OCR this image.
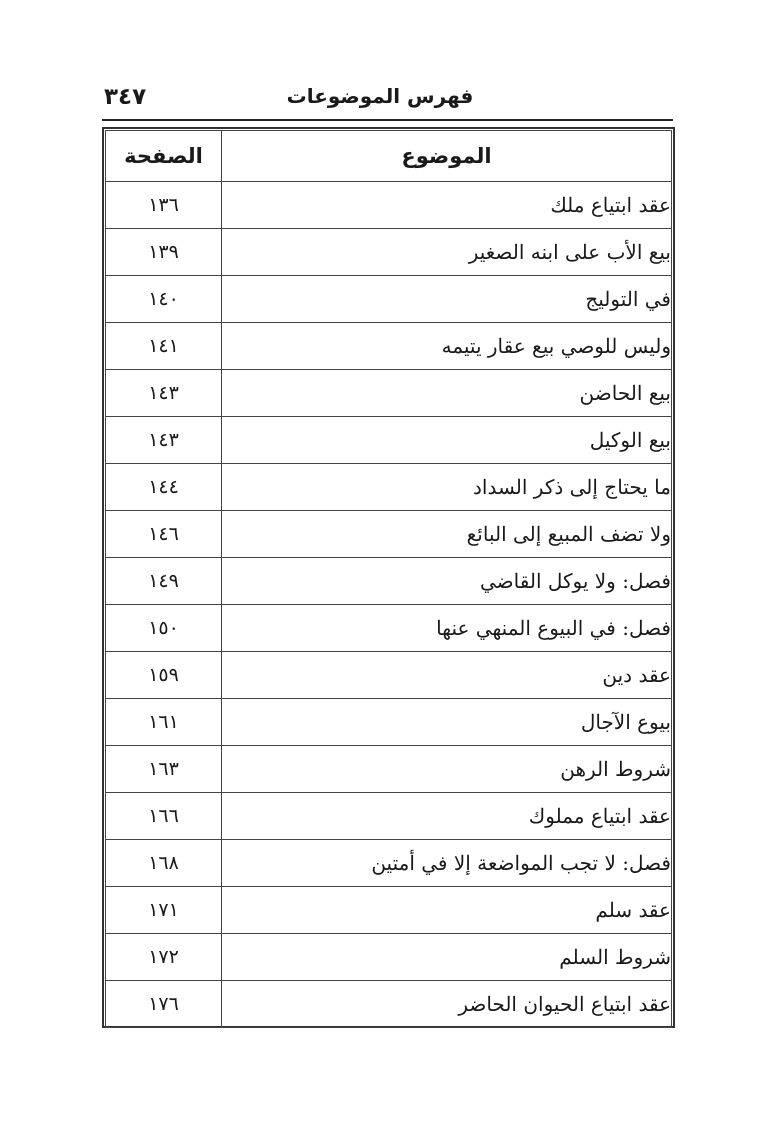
٣٤٧	فهرس الموضوعات
الموضوع	الصفحة
عقد ابتياع ملك	١٣٦
بيع الأب على ابنه الصغير	١٣٩
في التوليج	١٤٠
وليس للوصي بيع عقار يتيمه	١٤١
بيع الحاضن	١٤٣
بيع الوكيل	١٤٣
ما يحتاج إلى ذكر السداد	١٤٤
ولا تضف المبيع إلى البائع	١٤٦
فصل: ولا يوكل القاضي	١٤٩
فصل: في البيوع المنهي عنها	١٥٠
عقد دين	١٥٩
بيوع الآجال	١٦١
شروط الرهن	١٦٣
عقد ابتياع مملوك	١٦٦
فصل: لا تجب المواضعة إلا في أمتين	١٦٨
عقد سلم	١٧١
شروط السلم	١٧٢
عقد ابتياع الحيوان الحاضر	١٧٦
